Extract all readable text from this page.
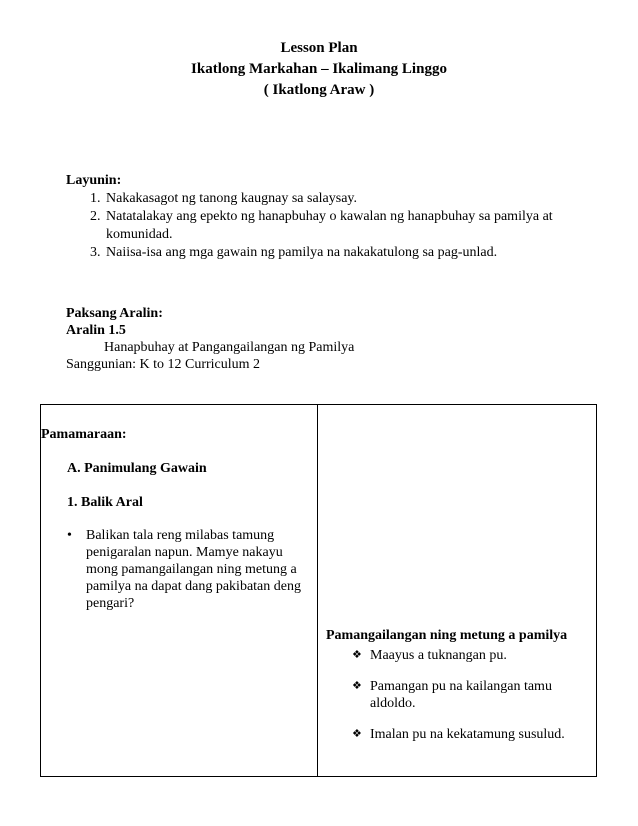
Lesson Plan
Ikatlong Markahan – Ikalimang Linggo
( Ikatlong Araw )
Layunin:
1. Nakakasagot ng tanong kaugnay sa salaysay.
2. Natatalakay ang epekto ng hanapbuhay o kawalan ng hanapbuhay sa pamilya at komunidad.
3. Naiisa-isa ang mga gawain ng pamilya na nakakatulong sa pag-unlad.
Paksang Aralin:
Aralin 1.5
Hanapbuhay at Pangangailangan ng Pamilya
Sanggunian: K to 12 Curriculum 2
Pamamaraan:
A. Panimulang Gawain
1. Balik Aral
• Balikan tala reng milabas tamung penigaralan napun. Mamye nakayu mong pamangailangan ning metung a pamilya na dapat dang pakibatan deng pengari?
Pamangailangan ning metung a pamilya
❖ Maayus a tuknangan pu.
❖ Pamangan pu na kailangan tamu aldoldo.
❖ Imalan pu na kekatamung susulud.
